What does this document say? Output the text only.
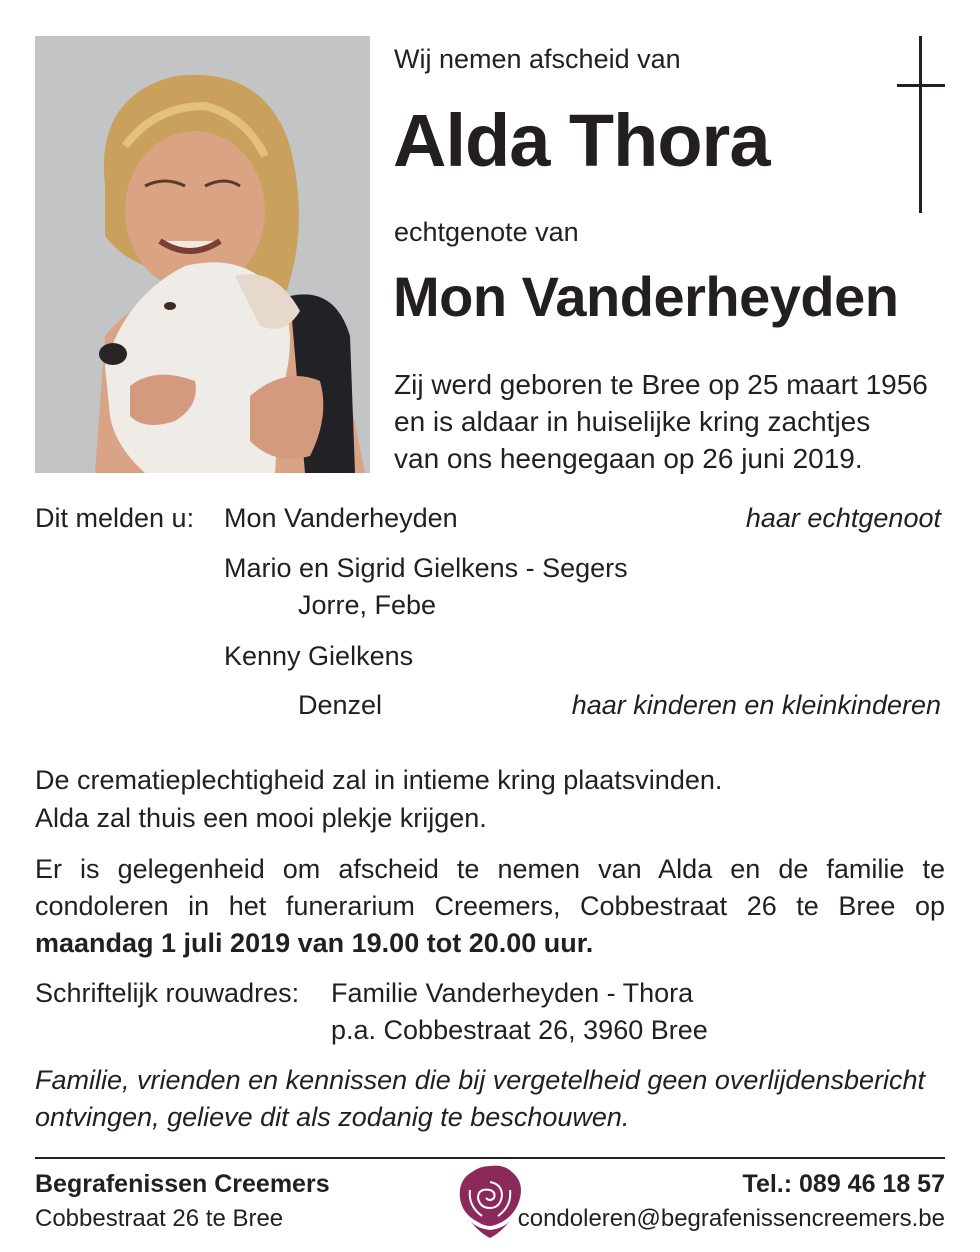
Wij nemen afscheid van
Alda Thora
echtgenote van
Mon Vanderheyden
Zij werd geboren te Bree op 25 maart 1956
en is aldaar in huiselijke kring zachtjes
van ons heengegaan op 26 juni 2019.
Dit melden u: Mon Vanderheyden	haar echtgenoot
Mario en Sigrid Gielkens - Segers
Jorre, Febe
Kenny Gielkens
Denzel	haar kinderen en kleinkinderen
De crematieplechtigheid zal in intieme kring plaatsvinden.
Alda zal thuis een mooi plekje krijgen.
Er is gelegenheid om afscheid te nemen van Alda en de familie te condoleren in het funerarium Creemers, Cobbestraat 26 te Bree op maandag 1 juli 2019 van 19.00 tot 20.00 uur.
Schriftelijk rouwadres: Familie Vanderheyden - Thora
p.a. Cobbestraat 26, 3960 Bree
Familie, vrienden en kennissen die bij vergetelheid geen overlijdensbericht
ontvingen, gelieve dit als zodanig te beschouwen.
Begrafenissen Creemers
Cobbestraat 26 te Bree
Tel.: 089 46 18 57
condoleren@begrafenissencreemers.be
